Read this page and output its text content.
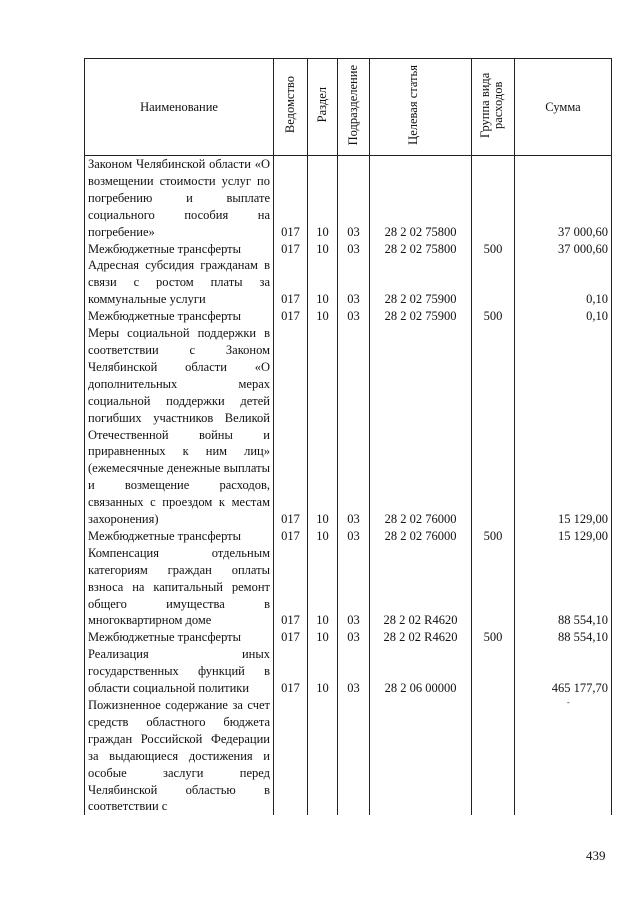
Наименование	Ведомство	Раздел	Подразделение	Целевая статья	Группа вида расходов	Сумма
Законом Челябинской области «О возмещении стоимости услуг по погребению и выплате социального пособия на погребение»	017	10	03	28 2 02 75800		37 000,60
Межбюджетные трансферты	017	10	03	28 2 02 75800	500	37 000,60
Адресная субсидия гражданам в связи с ростом платы за коммунальные услуги	017	10	03	28 2 02 75900		0,10
Межбюджетные трансферты	017	10	03	28 2 02 75900	500	0,10
Меры социальной поддержки в соответствии с Законом Челябинской области «О дополнительных мерах социальной поддержки детей погибших участников Великой Отечественной войны и приравненных к ним лиц» (ежемесячные денежные выплаты и возмещение расходов, связанных с проездом к местам захоронения)	017	10	03	28 2 02 76000		15 129,00
Межбюджетные трансферты	017	10	03	28 2 02 76000	500	15 129,00
Компенсация отдельным категориям граждан оплаты взноса на капитальный ремонт общего имущества в многоквартирном доме	017	10	03	28 2 02 R4620		88 554,10
Межбюджетные трансферты	017	10	03	28 2 02 R4620	500	88 554,10
Реализация иных государственных функций в области социальной политики	017	10	03	28 2 06 00000		465 177,70
Пожизненное содержание за счет средств областного бюджета граждан Российской Федерации за выдающиеся достижения и особые заслуги перед Челябинской областью в соответствии с						
-
439
